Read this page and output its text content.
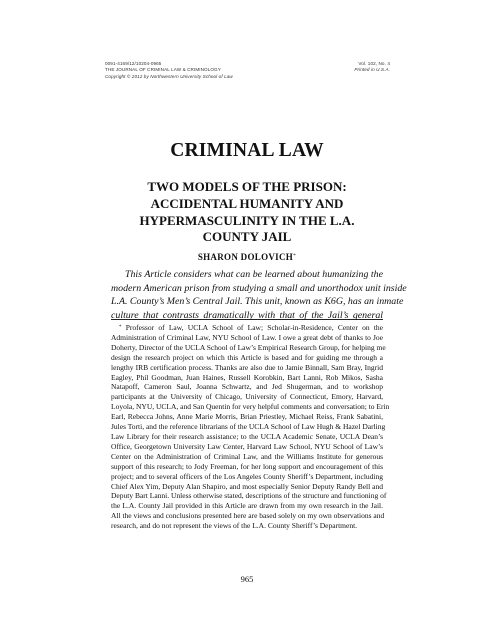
0091-4169/12/10204-0965
THE JOURNAL OF CRIMINAL LAW & CRIMINOLOGY
Copyright © 2012 by Northwestern University School of Law
Vol. 102, No. 4
Printed in U.S.A.
CRIMINAL LAW
TWO MODELS OF THE PRISON:
ACCIDENTAL HUMANITY AND
HYPERMASCULINITY IN THE L.A.
COUNTY JAIL
SHARON DOLOVICH*
This Article considers what can be learned about humanizing the
modern American prison from studying a small and unorthodox unit inside
L.A. County’s Men’s Central Jail. This unit, known as K6G, has an inmate
culture that contrasts dramatically with that of the Jail’s general
* Professor of Law, UCLA School of Law; Scholar-in-Residence, Center on the
Administration of Criminal Law, NYU School of Law. I owe a great debt of thanks to Joe
Doherty, Director of the UCLA School of Law’s Empirical Research Group, for helping me
design the research project on which this Article is based and for guiding me through a
lengthy IRB certification process. Thanks are also due to Jamie Binnall, Sam Bray, Ingrid
Eagley, Phil Goodman, Juan Haines, Russell Korobkin, Bart Lanni, Rob Mikos, Sasha
Natapoff, Cameron Saul, Joanna Schwartz, and Jed Shugerman, and to workshop
participants at the University of Chicago, University of Connecticut, Emory, Harvard,
Loyola, NYU, UCLA, and San Quentin for very helpful comments and conversation; to Erin
Earl, Rebecca Johns, Anne Marie Morris, Brian Priestley, Michael Reiss, Frank Sabatini,
Jules Torti, and the reference librarians of the UCLA School of Law Hugh & Hazel Darling
Law Library for their research assistance; to the UCLA Academic Senate, UCLA Dean’s
Office, Georgetown University Law Center, Harvard Law School, NYU School of Law’s
Center on the Administration of Criminal Law, and the Williams Institute for generous
support of this research; to Jody Freeman, for her long support and encouragement of this
project; and to several officers of the Los Angeles County Sheriff’s Department, including
Chief Alex Yim, Deputy Alan Shapiro, and most especially Senior Deputy Randy Bell and
Deputy Bart Lanni. Unless otherwise stated, descriptions of the structure and functioning of
the L.A. County Jail provided in this Article are drawn from my own research in the Jail.
All the views and conclusions presented here are based solely on my own observations and
research, and do not represent the views of the L.A. County Sheriff’s Department.
965
